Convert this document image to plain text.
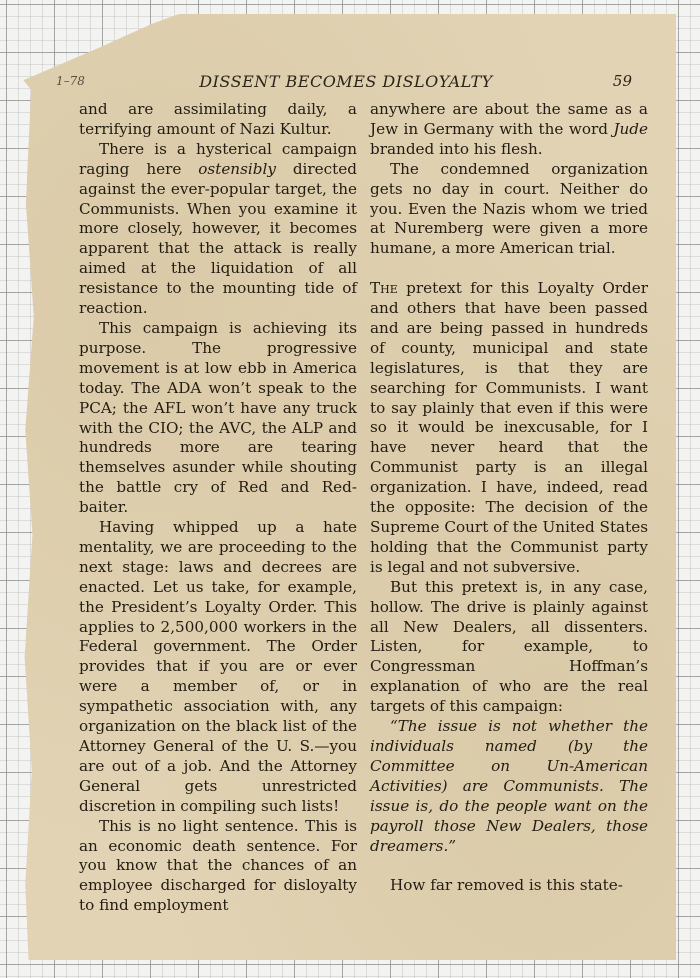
1–78	DISSENT BECOMES DISLOYALTY	59

and are assimilating daily, a terrifying amount of Nazi Kultur.

There is a hysterical campaign raging here ostensibly directed against the ever-popular target, the Communists. When you examine it more closely, however, it becomes apparent that the attack is really aimed at the liquidation of all resistance to the mounting tide of reaction.

This campaign is achieving its purpose. The progressive movement is at low ebb in America today. The ADA won’t speak to the PCA; the AFL won’t have any truck with the CIO; the AVC, the ALP and hundreds more are tearing themselves asunder while shouting the battle cry of Red and Red-baiter.

Having whipped up a hate mentality, we are proceeding to the next stage: laws and decrees are enacted. Let us take, for example, the President’s Loyalty Order. This applies to 2,500,000 workers in the Federal government. The Order provides that if you are or ever were a member of, or in sympathetic association with, any organization on the black list of the Attorney General of the U. S.—you are out of a job. And the Attorney General gets unrestricted discretion in compiling such lists!

This is no light sentence. This is an economic death sentence. For you know that the chances of an employee discharged for disloyalty to find employment

anywhere are about the same as a Jew in Germany with the word Jude branded into his flesh.

The condemned organization gets no day in court. Neither do you. Even the Nazis whom we tried at Nuremberg were given a more humane, a more American trial.

The pretext for this Loyalty Order and others that have been passed and are being passed in hundreds of county, municipal and state legislatures, is that they are searching for Communists. I want to say plainly that even if this were so it would be inexcusable, for I have never heard that the Communist party is an illegal organization. I have, indeed, read the opposite: The decision of the Supreme Court of the United States holding that the Communist party is legal and not subversive.

But this pretext is, in any case, hollow. The drive is plainly against all New Dealers, all dissenters. Listen, for example, to Congressman Hoffman’s explanation of who are the real targets of this campaign:

“The issue is not whether the individuals named (by the Committee on Un-American Activities) are Communists. The issue is, do the people want on the payroll those New Dealers, those dreamers.”

How far removed is this state-
